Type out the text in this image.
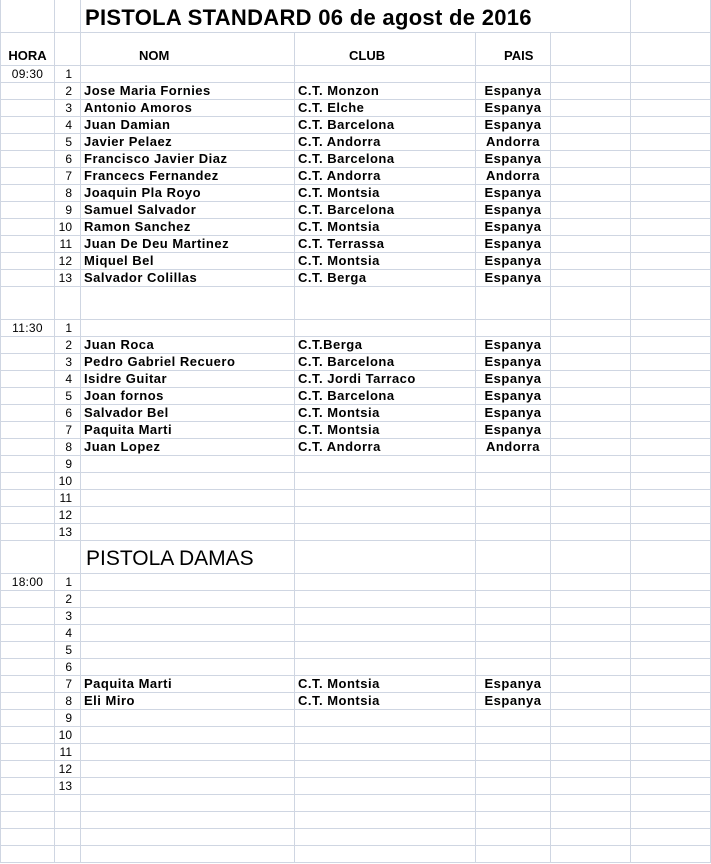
HORA	NOM	CLUB	PAIS
09:30	1
2 Jose Maria Fornies	C.T. Monzon	Espanya
3 Antonio Amoros	C.T. Elche	Espanya
4 Juan Damian	C.T. Barcelona	Espanya
5 Javier Pelaez	C.T. Andorra	Andorra
6 Francisco Javier Diaz	C.T. Barcelona	Espanya
7 Francecs Fernandez	C.T. Andorra	Andorra
8 Joaquin Pla Royo	C.T. Montsia	Espanya
9 Samuel Salvador	C.T. Barcelona	Espanya
10 Ramon Sanchez	C.T. Montsia	Espanya
11 Juan De Deu Martinez	C.T. Terrassa	Espanya
12 Miquel Bel	C.T. Montsia	Espanya
13 Salvador Colillas	C.T. Berga	Espanya
11:30	1
2 Juan Roca	C.T.Berga	Espanya
3 Pedro Gabriel Recuero	C.T. Barcelona	Espanya
4 Isidre Guitar	C.T. Jordi Tarraco	Espanya
5 Joan fornos	C.T. Barcelona	Espanya
6 Salvador Bel	C.T. Montsia	Espanya
7 Paquita Marti	C.T. Montsia	Espanya
8 Juan Lopez	C.T. Andorra	Andorra
9
10
11
12
13
18:00	1
2
3
4
5
6
7 Paquita Marti	C.T. Montsia	Espanya
8 Eli Miro	C.T. Montsia	Espanya
9
10
11
12
13
PISTOLA STANDARD 06 de agost de 2016
PISTOLA DAMAS
